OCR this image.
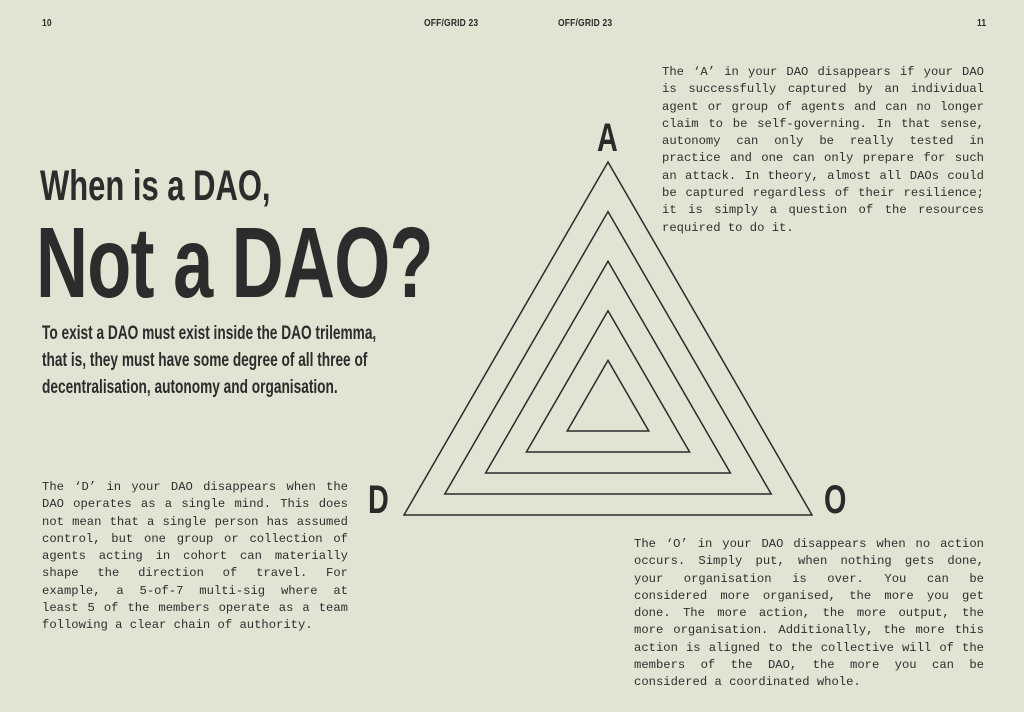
10	OFF/GRID 23	OFF/GRID 23	11
When is a DAO,
Not a DAO?
To exist a DAO must exist inside the DAO trilemma, that is, they must have some degree of all three of decentralisation, autonomy and organisation.
A
D	O

The ‘A’ in your DAO disappears if your DAO is successfully captured by an individual agent or group of agents and can no longer claim to be self-governing. In that sense, autonomy can only be really tested in practice and one can only prepare for such an attack. In theory, almost all DAOs could be captured regardless of their resilience; it is simply a question of the resources required to do it.

The ‘D’ in your DAO disappears when the DAO operates as a single mind. This does not mean that a single person has assumed control, but one group or collection of agents acting in cohort can materially shape the direction of travel. For example, a 5-of-7 multi-sig where at least 5 of the members operate as a team following a clear chain of authority.

The ‘O’ in your DAO disappears when no action occurs. Simply put, when nothing gets done, your organisation is over. You can be considered more organised, the more you get done. The more action, the more output, the more organisation. Additionally, the more this action is aligned to the collective will of the members of the DAO, the more you can be considered a coordinated whole.
